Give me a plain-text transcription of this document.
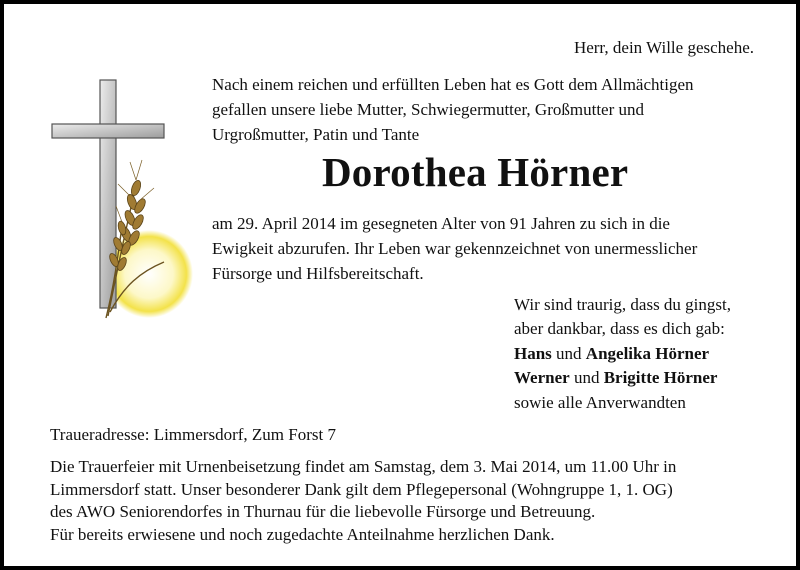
Herr, dein Wille geschehe.
Nach einem reichen und erfüllten Leben hat es Gott dem Allmächtigen
gefallen unsere liebe Mutter, Schwiegermutter, Großmutter und
Urgroßmutter, Patin und Tante
Dorothea Hörner
am 29. April 2014 im gesegneten Alter von 91 Jahren zu sich in die
Ewigkeit abzurufen. Ihr Leben war gekennzeichnet von unermesslicher
Fürsorge und Hilfsbereitschaft.
Wir sind traurig, dass du gingst,
aber dankbar, dass es dich gab:
Hans und Angelika Hörner
Werner und Brigitte Hörner
sowie alle Anverwandten
Traueradresse: Limmersdorf, Zum Forst 7
Die Trauerfeier mit Urnenbeisetzung findet am Samstag, dem 3. Mai 2014, um 11.00 Uhr in
Limmersdorf statt. Unser besonderer Dank gilt dem Pflegepersonal (Wohngruppe 1, 1. OG)
des AWO Seniorendorfes in Thurnau für die liebevolle Fürsorge und Betreuung.
Für bereits erwiesene und noch zugedachte Anteilnahme herzlichen Dank.
